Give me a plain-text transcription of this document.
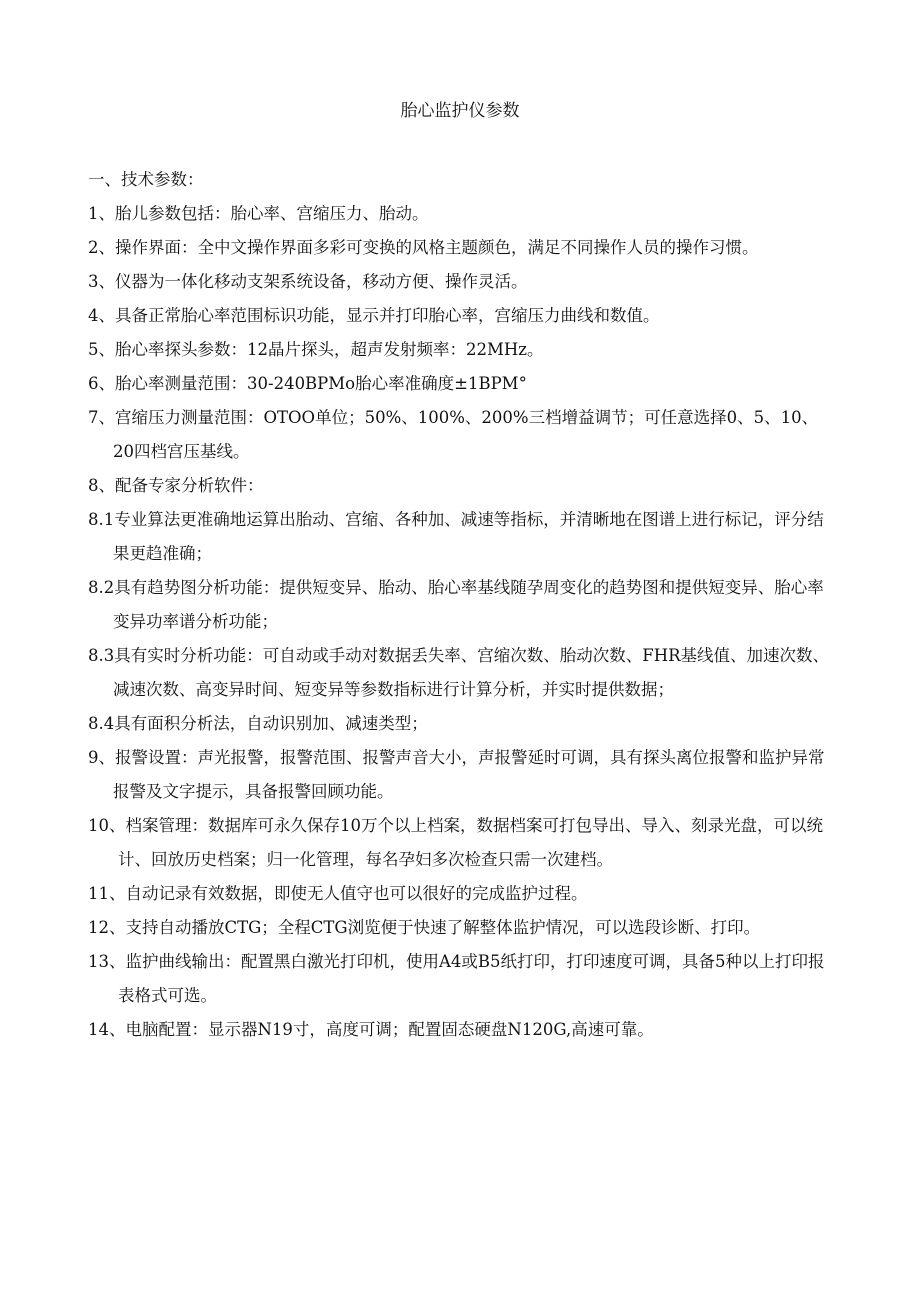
胎心监护仪参数

一、技术参数：

1、胎儿参数包括：胎心率、宫缩压力、胎动。

2、操作界面：全中文操作界面多彩可变换的风格主题颜色，满足不同操作人员的操作习惯。

3、仪器为一体化移动支架系统设备，移动方便、操作灵活。

4、具备正常胎心率范围标识功能，显示并打印胎心率，宫缩压力曲线和数值。

5、胎心率探头参数：12晶片探头，超声发射频率：22MHz。

6、胎心率测量范围：30-240BPMo胎心率准确度±1BPM°

7、宫缩压力测量范围：OTOO单位；50%、100%、200%三档增益调节；可任意选择0、5、10、20四档宫压基线。

8、配备专家分析软件：

8.1专业算法更准确地运算出胎动、宫缩、各种加、减速等指标，并清晰地在图谱上进行标记，评分结果更趋准确；

8.2具有趋势图分析功能：提供短变异、胎动、胎心率基线随孕周变化的趋势图和提供短变异、胎心率变异功率谱分析功能；

8.3具有实时分析功能：可自动或手动对数据丢失率、宫缩次数、胎动次数、FHR基线值、加速次数、减速次数、高变异时间、短变异等参数指标进行计算分析，并实时提供数据；

8.4具有面积分析法，自动识别加、减速类型；

9、报警设置：声光报警，报警范围、报警声音大小，声报警延时可调，具有探头离位报警和监护异常报警及文字提示，具备报警回顾功能。

10、档案管理：数据库可永久保存10万个以上档案，数据档案可打包导出、导入、刻录光盘，可以统计、回放历史档案；归一化管理，每名孕妇多次检查只需一次建档。

11、自动记录有效数据，即使无人值守也可以很好的完成监护过程。

12、支持自动播放CTG；全程CTG浏览便于快速了解整体监护情况，可以选段诊断、打印。

13、监护曲线输出：配置黑白激光打印机，使用A4或B5纸打印，打印速度可调，具备5种以上打印报表格式可选。

14、电脑配置：显示器N19寸，高度可调；配置固态硬盘N120G,高速可靠。
